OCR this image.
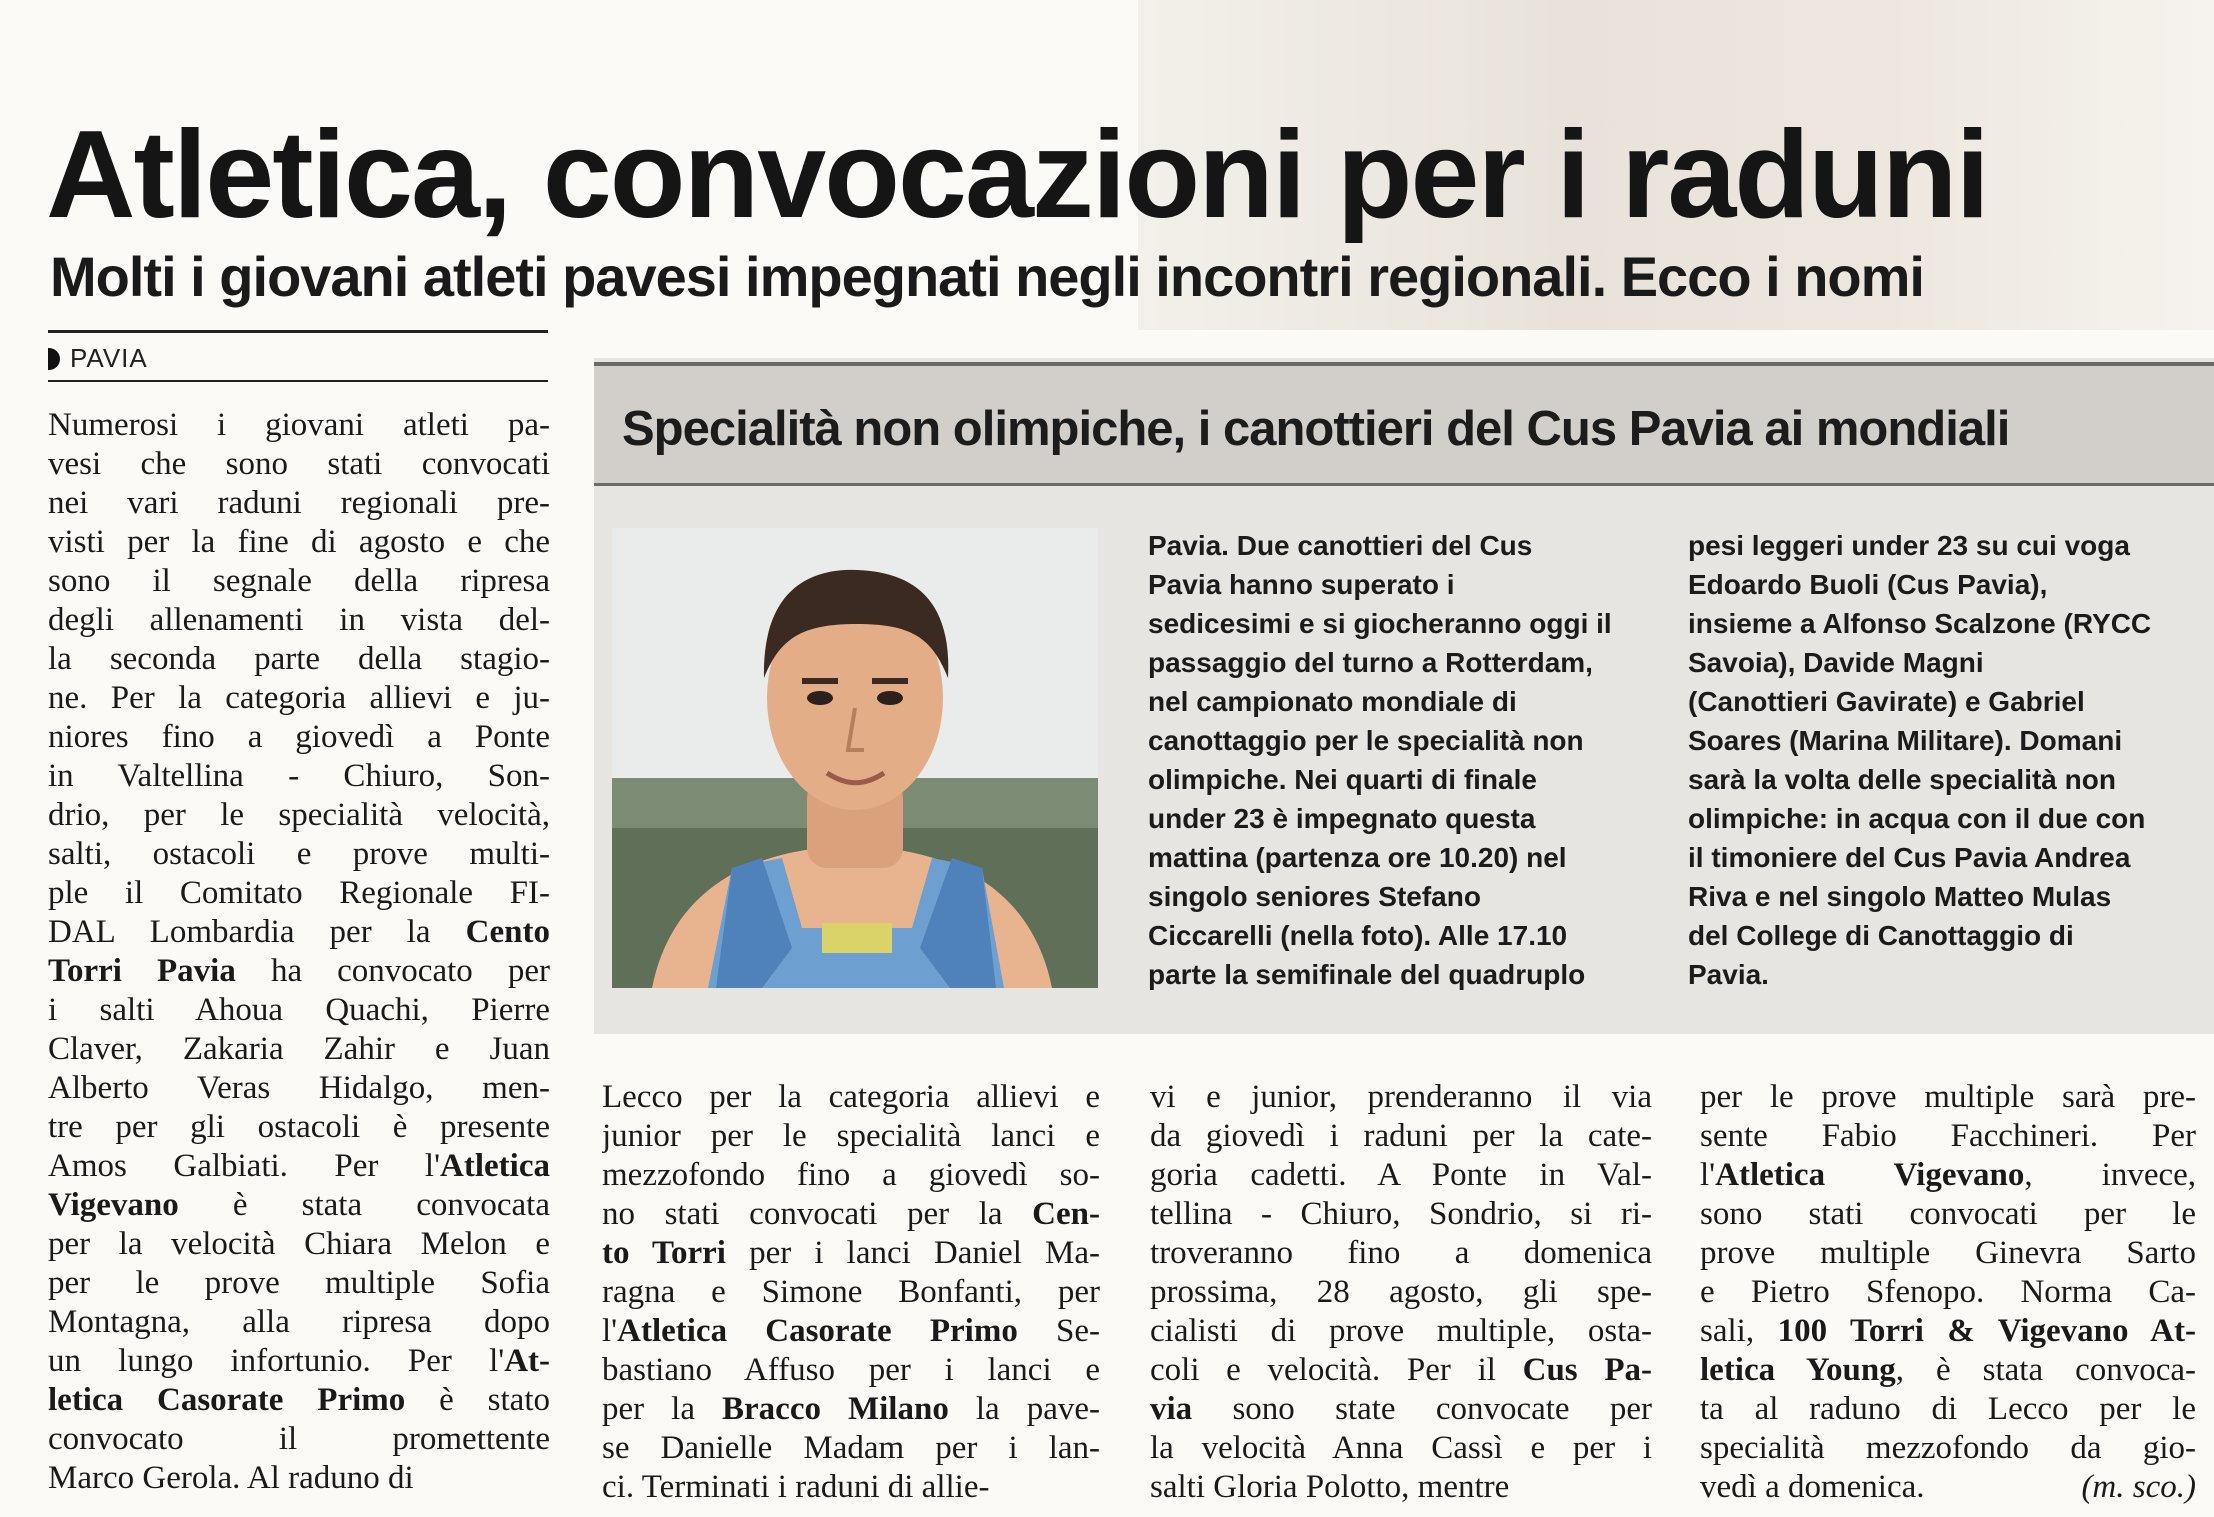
Atletica, convocazioni per i raduni
Molti i giovani atleti pavesi impegnati negli incontri regionali. Ecco i nomi
PAVIA
Numerosi i giovani atleti pa-
vesi che sono stati convocati
nei vari raduni regionali pre-
visti per la fine di agosto e che
sono il segnale della ripresa
degli allenamenti in vista del-
la seconda parte della stagio-
ne. Per la categoria allievi e ju-
niores fino a giovedì a Ponte
in Valtellina - Chiuro, Son-
drio, per le specialità velocità,
salti, ostacoli e prove multi-
ple il Comitato Regionale FI-
DAL Lombardia per la Cento
Torri Pavia ha convocato per
i salti Ahoua Quachi, Pierre
Claver, Zakaria Zahir e Juan
Alberto Veras Hidalgo, men-
tre per gli ostacoli è presente
Amos Galbiati. Per l'Atletica
Vigevano è stata convocata
per la velocità Chiara Melon e
per le prove multiple Sofia
Montagna, alla ripresa dopo
un lungo infortunio. Per l'At-
letica Casorate Primo è stato
convocato il promettente
Marco Gerola. Al raduno di
Specialità non olimpiche, i canottieri del Cus Pavia ai mondiali
Pavia. Due canottieri del Cus
Pavia hanno superato i
sedicesimi e si giocheranno oggi il
passaggio del turno a Rotterdam,
nel campionato mondiale di
canottaggio per le specialità non
olimpiche. Nei quarti di finale
under 23 è impegnato questa
mattina (partenza ore 10.20) nel
singolo seniores Stefano
Ciccarelli (nella foto). Alle 17.10
parte la semifinale del quadruplo
pesi leggeri under 23 su cui voga
Edoardo Buoli (Cus Pavia),
insieme a Alfonso Scalzone (RYCC
Savoia), Davide Magni
(Canottieri Gavirate) e Gabriel
Soares (Marina Militare). Domani
sarà la volta delle specialità non
olimpiche: in acqua con il due con
il timoniere del Cus Pavia Andrea
Riva e nel singolo Matteo Mulas
del College di Canottaggio di
Pavia.
Lecco per la categoria allievi e
junior per le specialità lanci e
mezzofondo fino a giovedì so-
no stati convocati per la Cen-
to Torri per i lanci Daniel Ma-
ragna e Simone Bonfanti, per
l'Atletica Casorate Primo Se-
bastiano Affuso per i lanci e
per la Bracco Milano la pave-
se Danielle Madam per i lan-
ci. Terminati i raduni di allie-
vi e junior, prenderanno il via
da giovedì i raduni per la cate-
goria cadetti. A Ponte in Val-
tellina - Chiuro, Sondrio, si ri-
troveranno fino a domenica
prossima, 28 agosto, gli spe-
cialisti di prove multiple, osta-
coli e velocità. Per il Cus Pa-
via sono state convocate per
la velocità Anna Cassì e per i
salti Gloria Polotto, mentre
per le prove multiple sarà pre-
sente Fabio Facchineri. Per
l'Atletica Vigevano, invece,
sono stati convocati per le
prove multiple Ginevra Sarto
e Pietro Sfenopo. Norma Ca-
sali, 100 Torri & Vigevano At-
letica Young, è stata convoca-
ta al raduno di Lecco per le
specialità mezzofondo da gio-
vedì a domenica.	(m. sco.)
